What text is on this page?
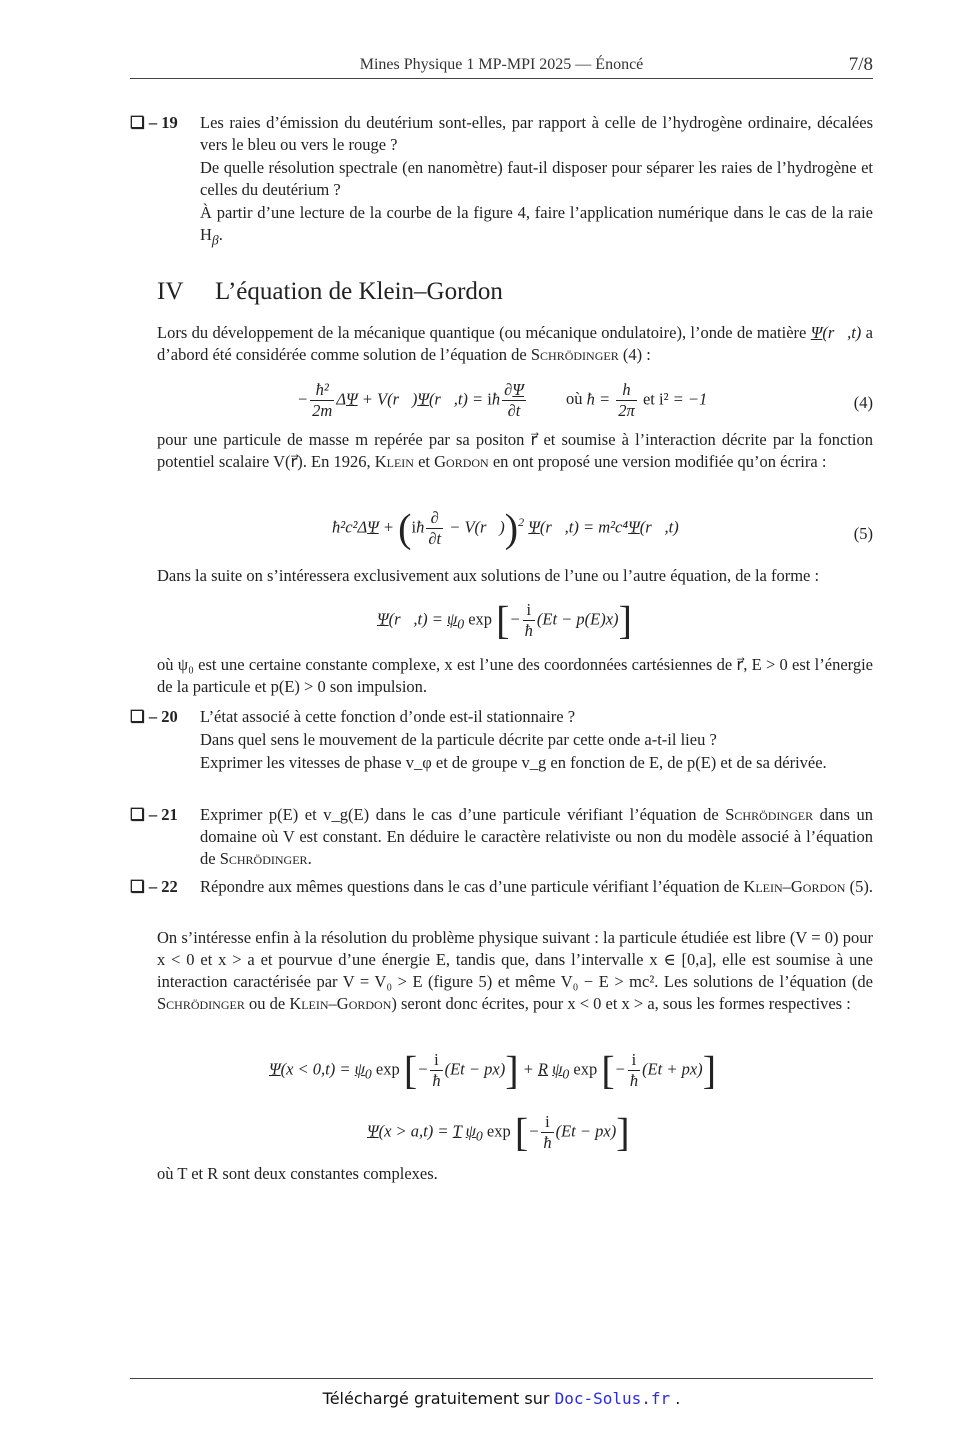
Mines Physique 1 MP-MPI 2025 — Énoncé	7/8
❏ – 19 Les raies d’émission du deutérium sont-elles, par rapport à celle de l’hydrogène ordinaire, décalées vers le bleu ou vers le rouge ?

De quelle résolution spectrale (en nanomètre) faut-il disposer pour séparer les raies de l’hydrogène et celles du deutérium ?

À partir d’une lecture de la courbe de la figure 4, faire l’application numérique dans le cas de la raie $H_\beta$.

IV L’équation de Klein–Gordon
Lors du développement de la mécanique quantique (ou mécanique ondulatoire), l’onde de matière Ψ(r⃗,t) a d’abord été considérée comme solution de l’équation de Schrödinger (4) :
− $\frac{\text{ħ²}}{2m}$ ΔΨ + V(r⃗)Ψ(r⃗,t) = iħ $\frac{\partial\Psi}{\partial t}$ où ħ = $\frac{h}{2\pi}$ et i² = −1	(4)
pour une particule de masse m repérée par sa positon r⃗ et soumise à l’interaction décrite par la fonction potentiel scalaire V(r⃗). En 1926, Klein et Gordon en ont proposé une version modifiée qu’on écrira :
ħ²c²ΔΨ + (iħ $\frac{\partial}{\partial t}$ − V(r⃗))$^2$ Ψ(r⃗,t) = m²c⁴Ψ(r⃗,t)	(5)
Dans la suite on s’intéressera exclusivement aux solutions de l’une ou l’autre équation, de la forme :
Ψ(r⃗,t) = $\psi_0$ exp [− $\frac{i}{ħ} (Et - p(E)x)$]
où ψ₀ est une certaine constante complexe, x est l’une des coordonnées cartésiennes de r⃗, E > 0 est l’énergie de la particule et p(E) > 0 son impulsion.
❏ – 20 L’état associé à cette fonction d’onde est-il stationnaire ?

Dans quel sens le mouvement de la particule décrite par cette onde a-t-il lieu ?

Exprimer les vitesses de phase v_φ et de groupe v_g en fonction de E, de p(E) et de sa dérivée.

❏ – 21 Exprimer p(E) et v_g(E) dans le cas d’une particule vérifiant l’équation de Schrödinger dans un domaine où V est constant. En déduire le caractère relativiste ou non du modèle associé à l’équation de Schrödinger.
❏ – 22 Répondre aux mêmes questions dans le cas d’une particule vérifiant l’équation de Klein–Gordon (5).
On s’intéresse enfin à la résolution du problème physique suivant : la particule étudiée est libre (V = 0) pour x < 0 et x > a et pourvue d’une énergie E, tandis que, dans l’intervalle x ∈ [0,a], elle est soumise à une interaction caractérisée par V = V₀ > E (figure 5) et même V₀ − E > mc². Les solutions de l’équation (de Schrödinger ou de Klein–Gordon) seront donc écrites, pour x < 0 et x > a, sous les formes respectives :
$\Psi(x < 0,t) = \psi_0$ exp [− $\frac{i}{ħ} (Et - px)] + R$ $\psi_0$ exp [− $\frac{i}{ħ} (Et + px)$]
Ψ(x > a,t) = T $\psi_0$ exp [− $\frac{i}{ħ} (Et - px)$]
où T et R sont deux constantes complexes.
Téléchargé gratuitement sur Doc-Solus.fr .
